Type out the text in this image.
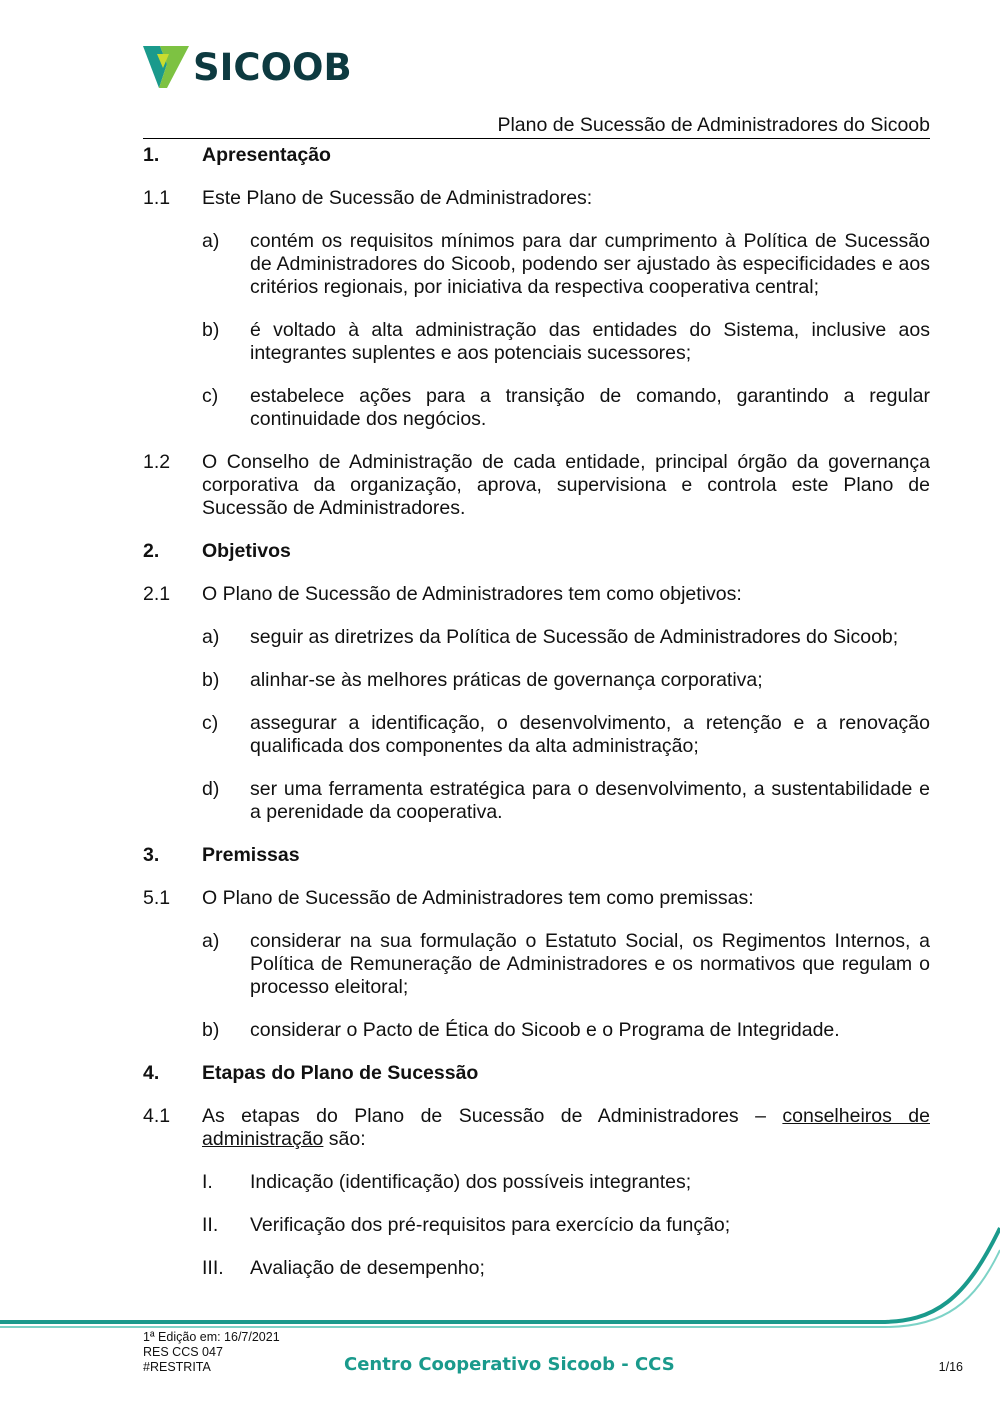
SICOOB
Plano de Sucessão de Administradores do Sicoob
1.	Apresentação
1.1	Este Plano de Sucessão de Administradores:
a)	contém os requisitos mínimos para dar cumprimento à Política de Sucessão de Administradores do Sicoob, podendo ser ajustado às especificidades e aos critérios regionais, por iniciativa da respectiva cooperativa central;
b)	é voltado à alta administração das entidades do Sistema, inclusive aos integrantes suplentes e aos potenciais sucessores;
c)	estabelece ações para a transição de comando, garantindo a regular continuidade dos negócios.
1.2	O Conselho de Administração de cada entidade, principal órgão da governança corporativa da organização, aprova, supervisiona e controla este Plano de Sucessão de Administradores.
2.	Objetivos
2.1	O Plano de Sucessão de Administradores tem como objetivos:
a)	seguir as diretrizes da Política de Sucessão de Administradores do Sicoob;
b)	alinhar-se às melhores práticas de governança corporativa;
c)	assegurar a identificação, o desenvolvimento, a retenção e a renovação qualificada dos componentes da alta administração;
d)	ser uma ferramenta estratégica para o desenvolvimento, a sustentabilidade e a perenidade da cooperativa.
3.	Premissas
5.1	O Plano de Sucessão de Administradores tem como premissas:
a)	considerar na sua formulação o Estatuto Social, os Regimentos Internos, a Política de Remuneração de Administradores e os normativos que regulam o processo eleitoral;
b)	considerar o Pacto de Ética do Sicoob e o Programa de Integridade.
4.	Etapas do Plano de Sucessão
4.1	As etapas do Plano de Sucessão de Administradores – conselheiros de administração são:
I.	Indicação (identificação) dos possíveis integrantes;
II.	Verificação dos pré-requisitos para exercício da função;
III.	Avaliação de desempenho;
1ª Edição em: 16/7/2021
RES CCS 047
#RESTRITA	Centro Cooperativo Sicoob - CCS	1/16
